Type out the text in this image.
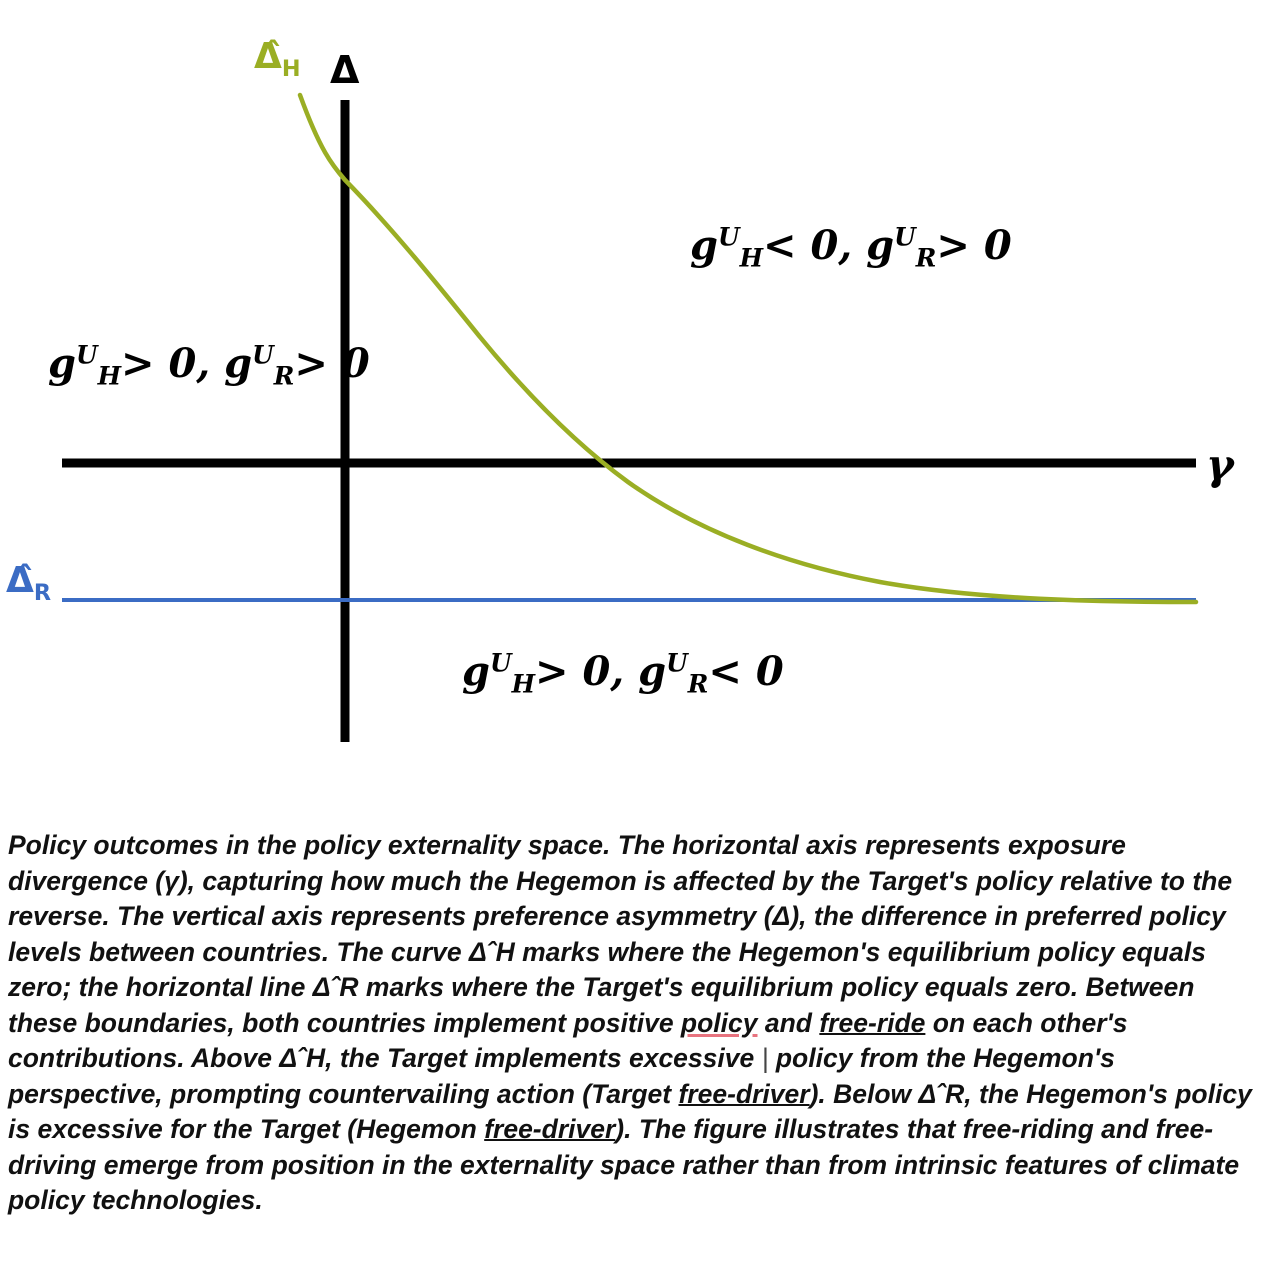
Δ
γ
$\Deltâ_H$
$\Deltâ_R$
$g^U_H< 0$, $g^U_R> 0$
$g^U_H> 0$, $g^U_R> 0$
$g^U_H> 0$, $g^U_R< 0$
Policy outcomes in the policy externality space. The horizontal axis represents exposure divergence (γ), capturing how much the Hegemon is affected by the Target's policy relative to the reverse. The vertical axis represents preference asymmetry (Δ), the difference in preferred policy levels between countries. The curve ΔˆH marks where the Hegemon's equilibrium policy equals zero; the horizontal line ΔˆR marks where the Target's equilibrium policy equals zero. Between these boundaries, both countries implement positive policy and free-ride on each other's contributions. Above ΔˆH, the Target implements excessive | policy from the Hegemon's perspective, prompting countervailing action (Target free-driver). Below ΔˆR, the Hegemon's policy is excessive for the Target (Hegemon free-driver). The figure illustrates that free-riding and free-driving emerge from position in the externality space rather than from intrinsic features of climate policy technologies.
